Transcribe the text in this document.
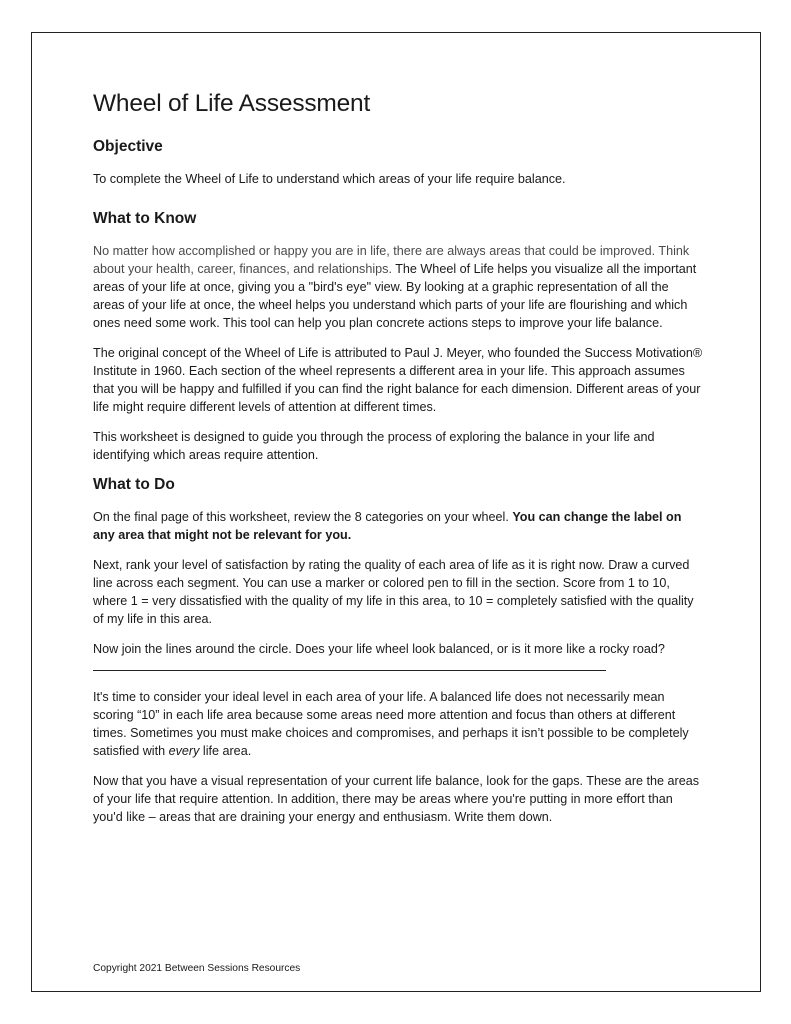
Wheel of Life Assessment
Objective

To complete the Wheel of Life to understand which areas of your life require balance.

What to Know

No matter how accomplished or happy you are in life, there are always areas that could be improved. Think about your health, career, finances, and relationships. The Wheel of Life helps you visualize all the important areas of your life at once, giving you a "bird's eye" view. By looking at a graphic representation of all the areas of your life at once, the wheel helps you understand which parts of your life are flourishing and which ones need some work. This tool can help you plan concrete actions steps to improve your life balance.

The original concept of the Wheel of Life is attributed to Paul J. Meyer, who founded the Success Motivation® Institute in 1960. Each section of the wheel represents a different area in your life. This approach assumes that you will be happy and fulfilled if you can find the right balance for each dimension. Different areas of your life might require different levels of attention at different times.

This worksheet is designed to guide you through the process of exploring the balance in your life and identifying which areas require attention.

What to Do

On the final page of this worksheet, review the 8 categories on your wheel. You can change the label on any area that might not be relevant for you.

Next, rank your level of satisfaction by rating the quality of each area of life as it is right now. Draw a curved line across each segment. You can use a marker or colored pen to fill in the section. Score from 1 to 10, where 1 = very dissatisfied with the quality of my life in this area, to 10 = completely satisfied with the quality of my life in this area.

Now join the lines around the circle. Does your life wheel look balanced, or is it more like a rocky road?

It's time to consider your ideal level in each area of your life. A balanced life does not necessarily mean scoring “10” in each life area because some areas need more attention and focus than others at different times. Sometimes you must make choices and compromises, and perhaps it isn’t possible to be completely satisfied with every life area.

Now that you have a visual representation of your current life balance, look for the gaps. These are the areas of your life that require attention. In addition, there may be areas where you're putting in more effort than you'd like – areas that are draining your energy and enthusiasm. Write them down.

Copyright 2021 Between Sessions Resources
